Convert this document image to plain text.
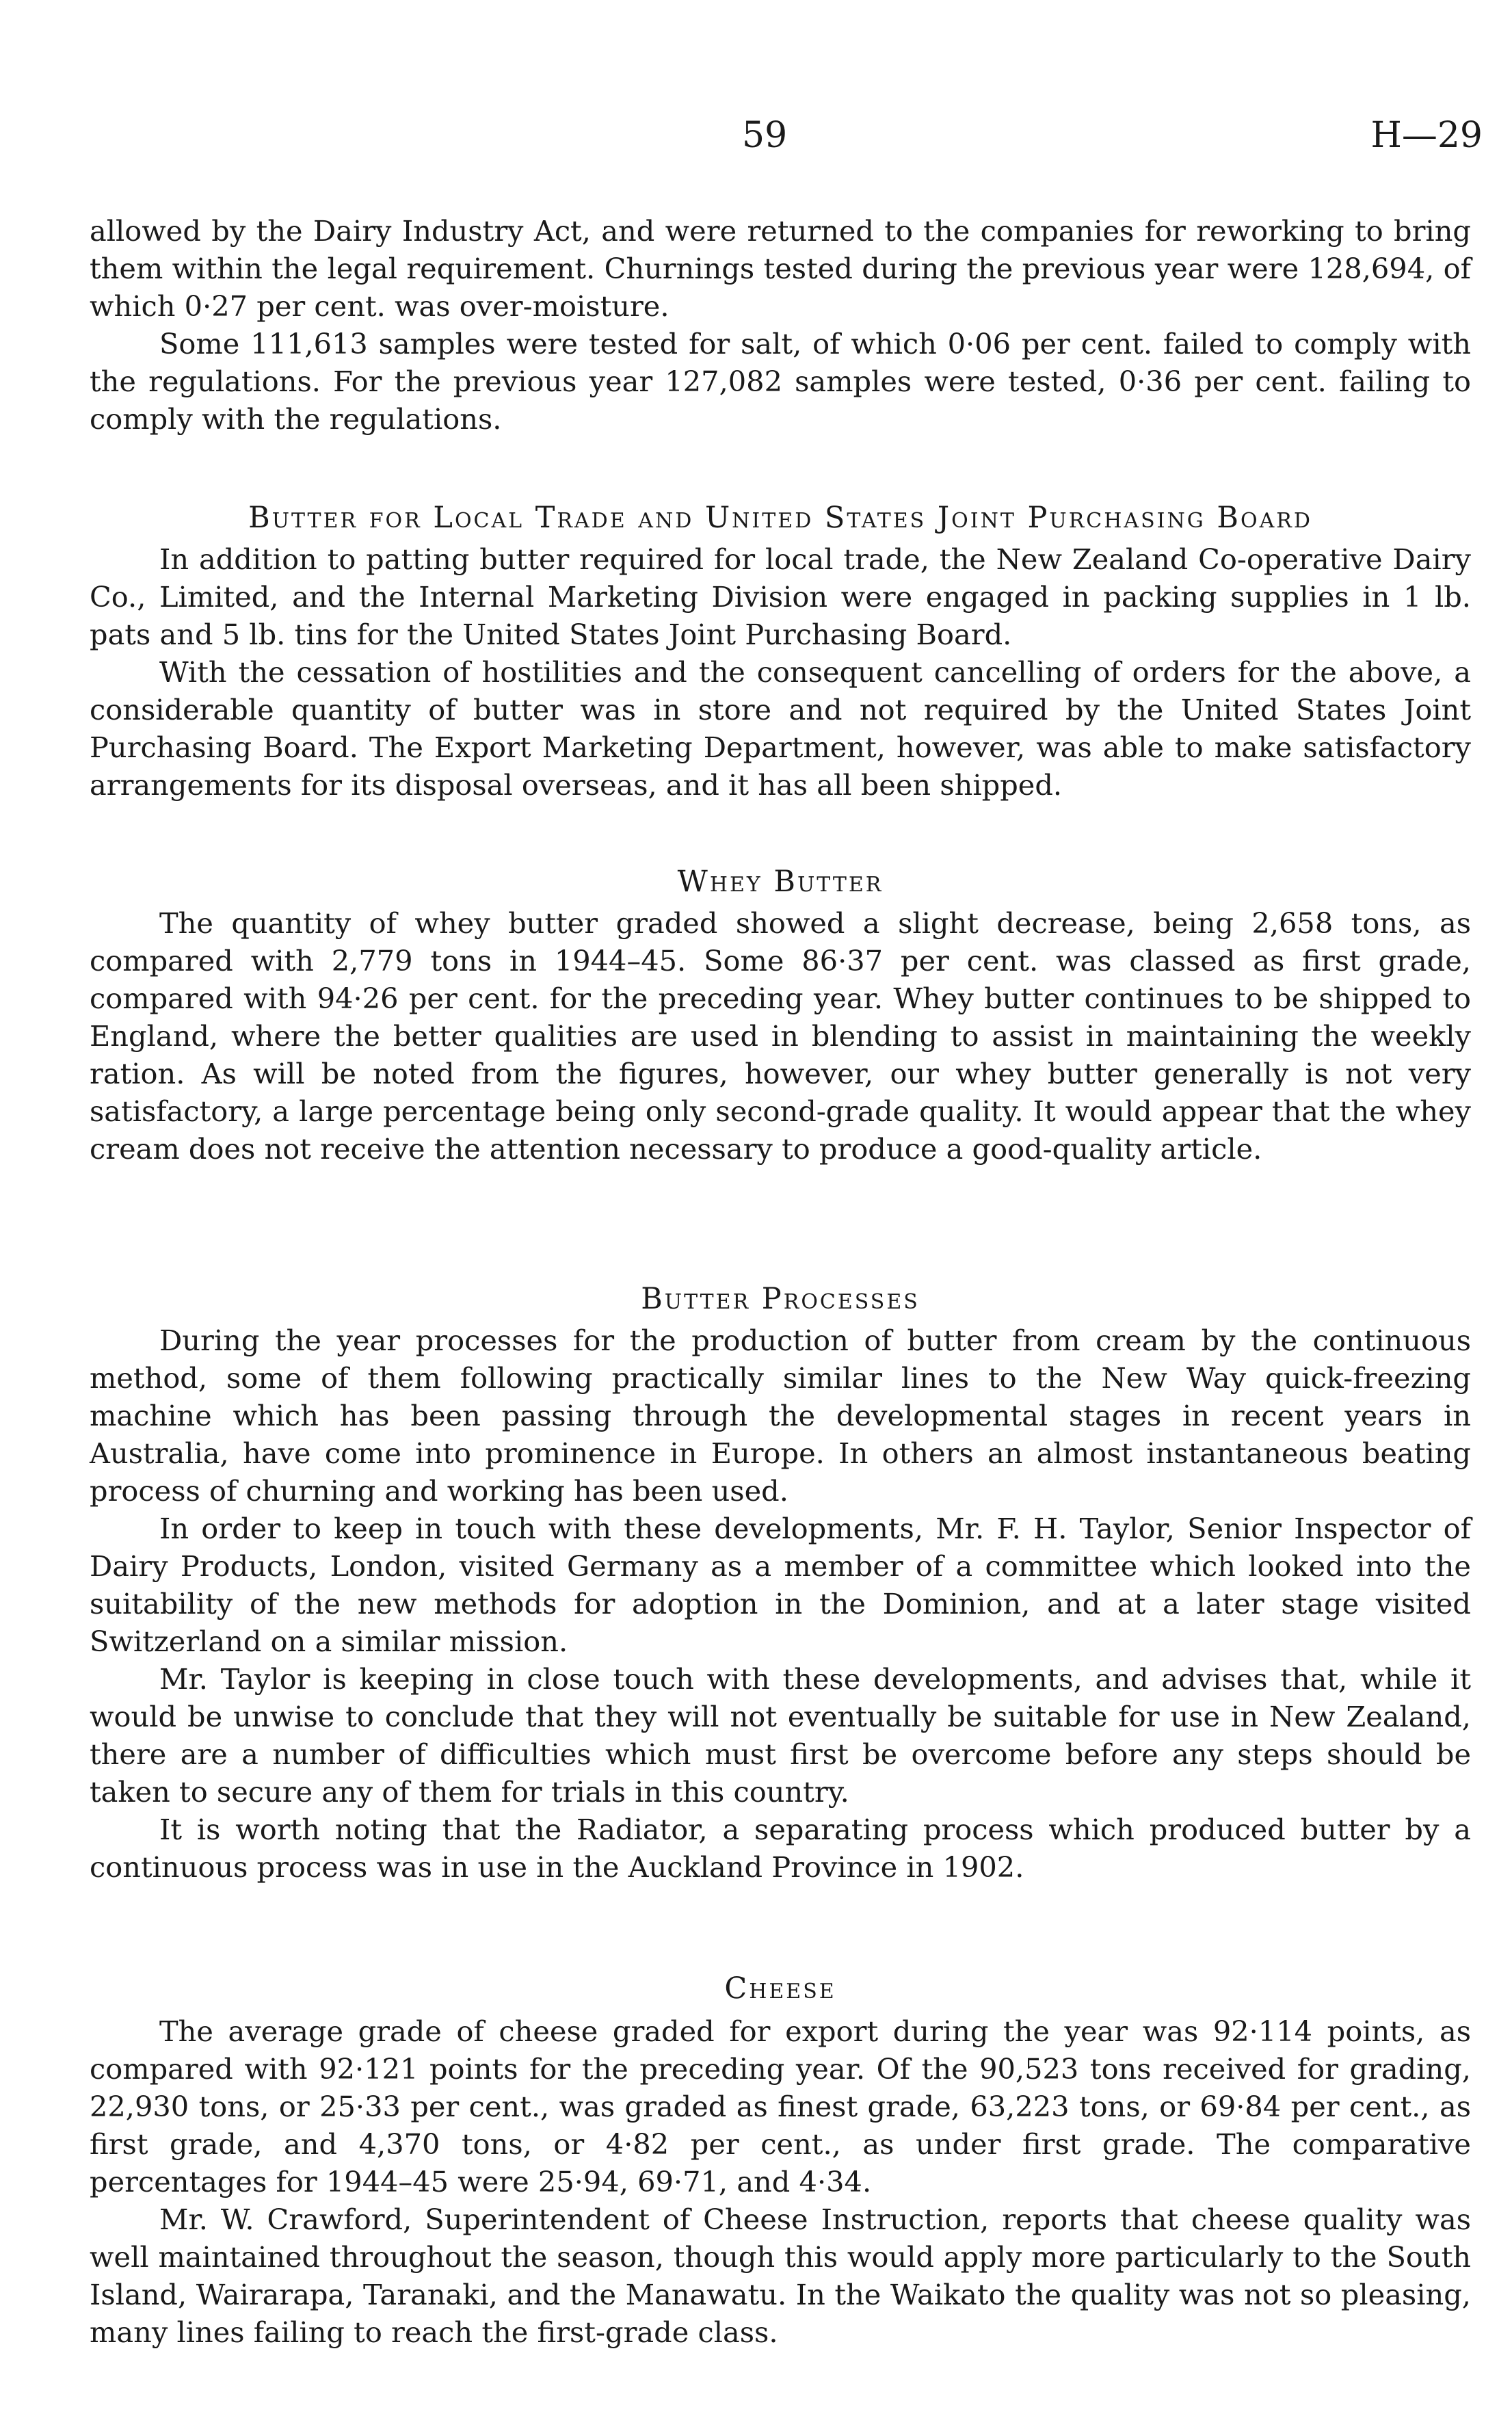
59	H—29

allowed by the Dairy Industry Act, and were returned to the companies for reworking to bring them within the legal requirement. Churnings tested during the previous year were 128,694, of which 0·27 per cent. was over-moisture.

Some 111,613 samples were tested for salt, of which 0·06 per cent. failed to comply with the regulations. For the previous year 127,082 samples were tested, 0·36 per cent. failing to comply with the regulations.

Butter for Local Trade and United States Joint Purchasing Board

In addition to patting butter required for local trade, the New Zealand Co-operative Dairy Co., Limited, and the Internal Marketing Division were engaged in packing supplies in 1 lb. pats and 5 lb. tins for the United States Joint Purchasing Board.

With the cessation of hostilities and the consequent cancelling of orders for the above, a considerable quantity of butter was in store and not required by the United States Joint Purchasing Board. The Export Marketing Department, however, was able to make satisfactory arrangements for its disposal overseas, and it has all been shipped.

Whey Butter

The quantity of whey butter graded showed a slight decrease, being 2,658 tons, as compared with 2,779 tons in 1944–45. Some 86·37 per cent. was classed as first grade, compared with 94·26 per cent. for the preceding year. Whey butter continues to be shipped to England, where the better qualities are used in blending to assist in maintaining the weekly ration. As will be noted from the figures, however, our whey butter generally is not very satisfactory, a large percentage being only second-grade quality. It would appear that the whey cream does not receive the attention necessary to produce a good-quality article.

Butter Processes

During the year processes for the production of butter from cream by the continuous method, some of them following practically similar lines to the New Way quick-freezing machine which has been passing through the developmental stages in recent years in Australia, have come into prominence in Europe. In others an almost instantaneous beating process of churning and working has been used.

In order to keep in touch with these developments, Mr. F. H. Taylor, Senior Inspector of Dairy Products, London, visited Germany as a member of a committee which looked into the suitability of the new methods for adoption in the Dominion, and at a later stage visited Switzerland on a similar mission.

Mr. Taylor is keeping in close touch with these developments, and advises that, while it would be unwise to conclude that they will not eventually be suitable for use in New Zealand, there are a number of difficulties which must first be overcome before any steps should be taken to secure any of them for trials in this country.

It is worth noting that the Radiator, a separating process which produced butter by a continuous process was in use in the Auckland Province in 1902.

Cheese

The average grade of cheese graded for export during the year was 92·114 points, as compared with 92·121 points for the preceding year. Of the 90,523 tons received for grading, 22,930 tons, or 25·33 per cent., was graded as finest grade, 63,223 tons, or 69·84 per cent., as first grade, and 4,370 tons, or 4·82 per cent., as under first grade. The comparative percentages for 1944–45 were 25·94, 69·71, and 4·34.

Mr. W. Crawford, Superintendent of Cheese Instruction, reports that cheese quality was well maintained throughout the season, though this would apply more particularly to the South Island, Wairarapa, Taranaki, and the Manawatu. In the Waikato the quality was not so pleasing, many lines failing to reach the first-grade class.
